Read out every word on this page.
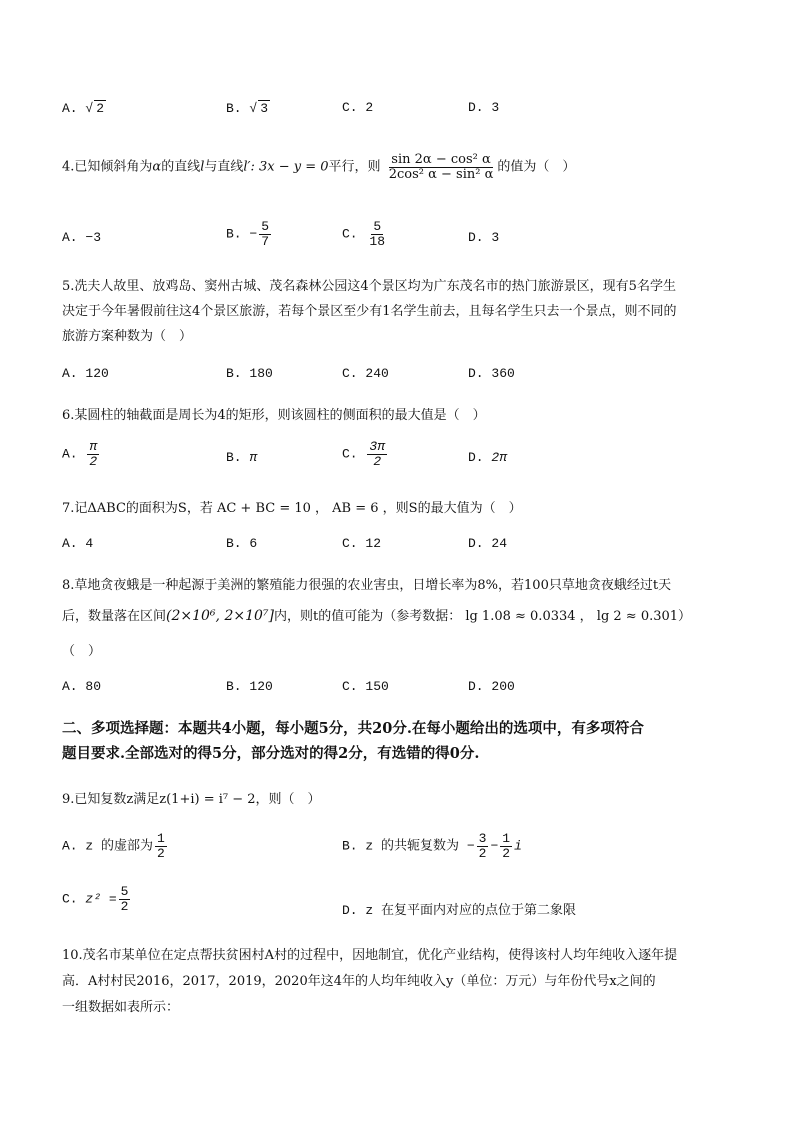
A. √ 2	B. √ 3	C. 2	D. 3
4.已知倾斜角为α的直线l与直线l′: 3x − y = 0平行，则 $\frac{\text{sin 2α − cos² α}}{\text{2cos² α − sin² α}}$ 的值为（　）
A. −3	B. − $\frac{5}{7}$	C. $\frac{5}{18}$	D. 3
5.冼夫人故里、放鸡岛、窦州古城、茂名森林公园这4个景区均为广东茂名市的热门旅游景区，现有5名学生
决定于今年暑假前往这4个景区旅游，若每个景区至少有1名学生前去，且每名学生只去一个景点，则不同的
旅游方案种数为（　）
A. 120	B. 180	C. 240	D. 360
6.某圆柱的轴截面是周长为4的矩形，则该圆柱的侧面积的最大值是（　）
A. $\frac{\pi}{2}$	B. π	C. $\frac{3\pi}{2}$	D. 2π
7.记ΔABC的面积为S，若 AC + BC = 10 ， AB = 6 ，则S的最大值为（　）
A. 4	B. 6	C. 12	D. 24
8.草地贪夜蛾是一种起源于美洲的繁殖能力很强的农业害虫，日增长率为8%，若100只草地贪夜蛾经过t天
后，数量落在区间(2×10⁶, 2×10⁷]内，则t的值可能为（参考数据： lg 1.08 ≈ 0.0334 ， lg 2 ≈ 0.301）
（　）
A. 80	B. 120	C. 150	D. 200
二、多项选择题：本题共4小题，每小题5分，共20分.在每小题给出的选项中，有多项符合
题目要求.全部选对的得5分，部分选对的得2分，有选错的得0分.
9.已知复数z满足z(1+i) = i⁷ − 2，则（　）
A. z 的虚部为 $\frac{1}{2}$	B. z 的共轭复数为 − $\frac{3}{2} - \frac{1}{2}$ i
C. $z^2 = \frac{5}{2}$	D. z 在复平面内对应的点位于第二象限
10.茂名市某单位在定点帮扶贫困村A村的过程中，因地制宜，优化产业结构，使得该村人均年纯收入逐年提
高．A村村民2016，2017，2019，2020年这4年的人均年纯收入y（单位：万元）与年份代号x之间的
一组数据如表所示：
